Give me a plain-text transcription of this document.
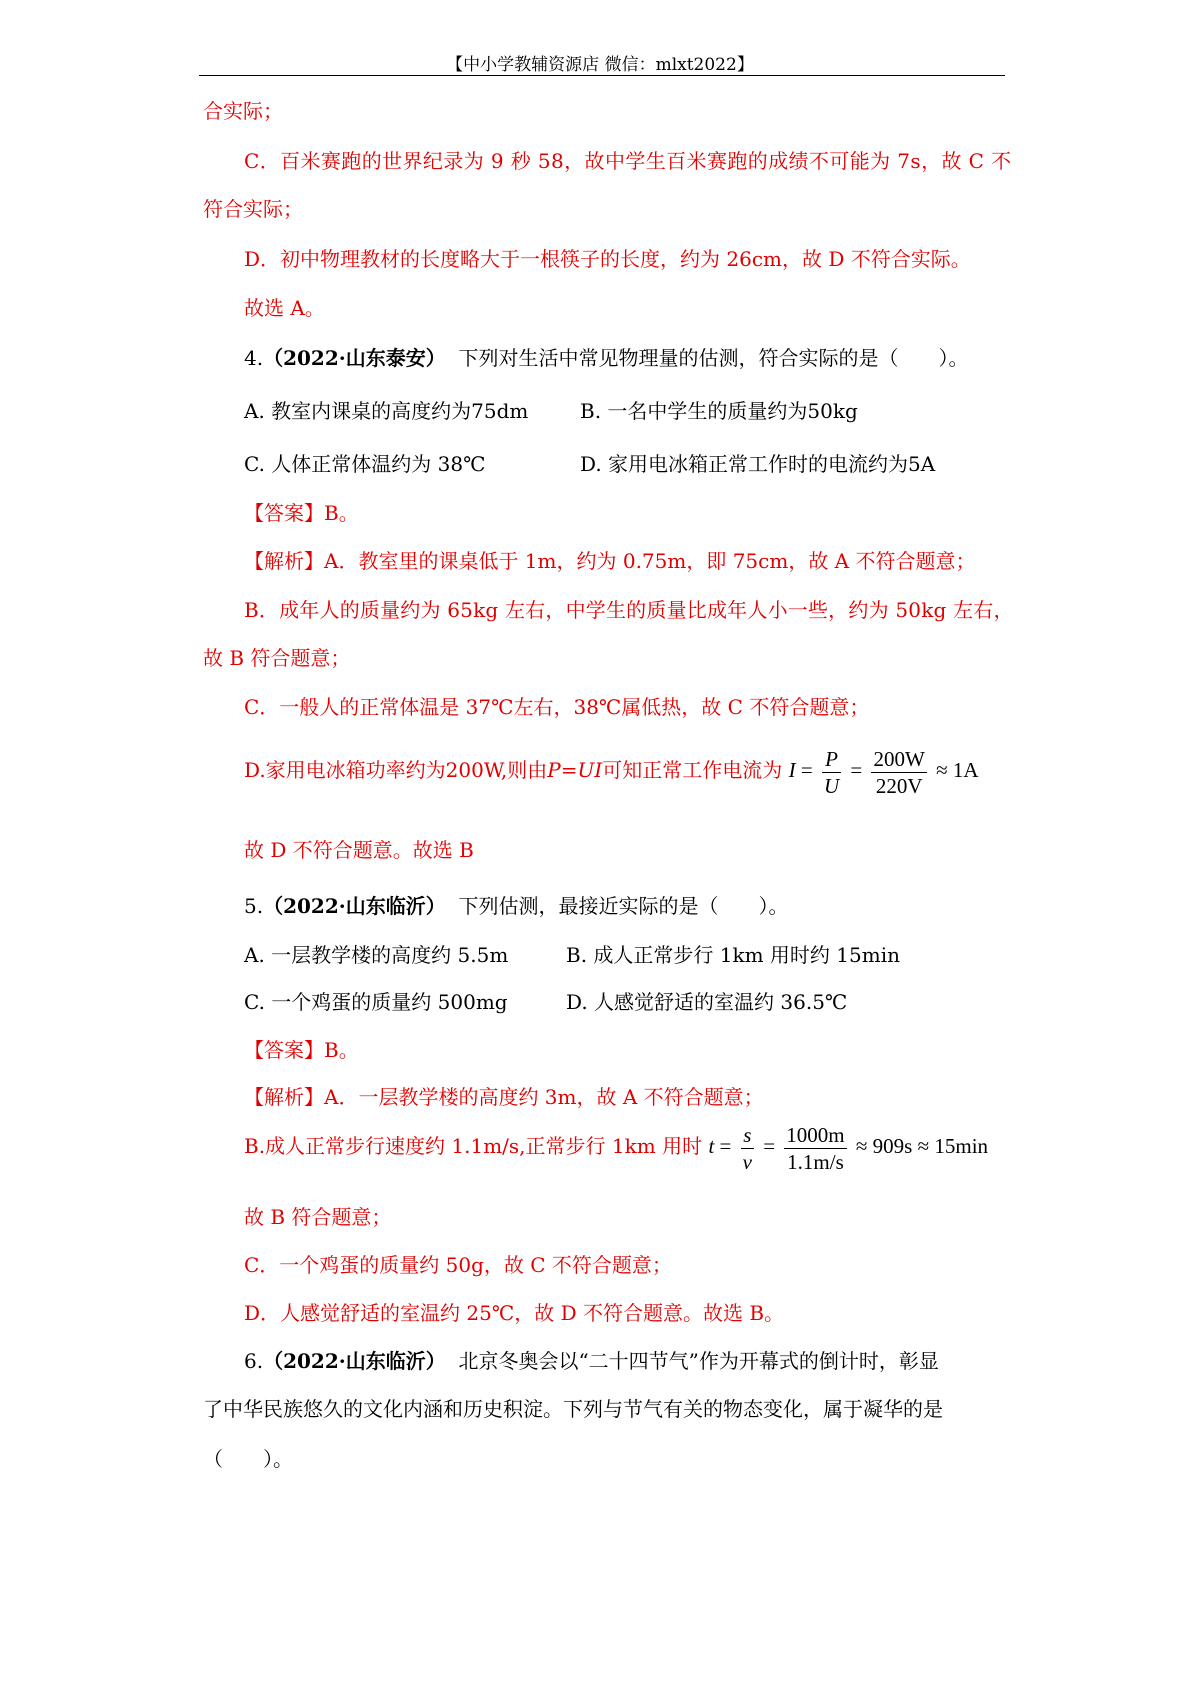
【中小学教辅资源店 微信：mlxt2022】
合实际；
C．百米赛跑的世界纪录为 9 秒 58，故中学生百米赛跑的成绩不可能为 7s，故 C 不
符合实际；
D．初中物理教材的长度略大于一根筷子的长度，约为 26cm，故 D 不符合实际。
故选 A。
4.（2022·山东泰安） 下列对生活中常见物理量的估测，符合实际的是（　　）。
A. 教室内课桌的高度约为75dm	B. 一名中学生的质量约为50kg
C. 人体正常体温约为 38℃	D. 家用电冰箱正常工作时的电流约为5A
【答案】B。
【解析】A．教室里的课桌低于 1m，约为 0.75m，即 75cm，故 A 不符合题意；
B．成年人的质量约为 65kg 左右，中学生的质量比成年人小一些，约为 50kg 左右，
故 B 符合题意；
C．一般人的正常体温是 37℃左右，38℃属低热，故 C 不符合题意；
D.家用电冰箱功率约为200W,则由P=UI可知正常工作电流为 $I = \frac{P}{U} = \frac{200W}{220V} \approx 1A$
故 D 不符合题意。故选 B
5.（2022·山东临沂） 下列估测，最接近实际的是（　　）。
A. 一层教学楼的高度约 5.5m	B. 成人正常步行 1km 用时约 15min
C. 一个鸡蛋的质量约 500mg	D. 人感觉舒适的室温约 36.5℃
【答案】B。
【解析】A．一层教学楼的高度约 3m，故 A 不符合题意；
B.成人正常步行速度约 1.1m/s,正常步行 1km 用时 $t = \frac{s}{v} = \frac{1000m}{1.1m/s} \approx 909s \approx 15\min$
故 B 符合题意；
C．一个鸡蛋的质量约 50g，故 C 不符合题意；
D．人感觉舒适的室温约 25℃，故 D 不符合题意。故选 B。
6.（2022·山东临沂） 北京冬奥会以“二十四节气”作为开幕式的倒计时，彰显
了中华民族悠久的文化内涵和历史积淀。下列与节气有关的物态变化，属于凝华的是
（　　）。
